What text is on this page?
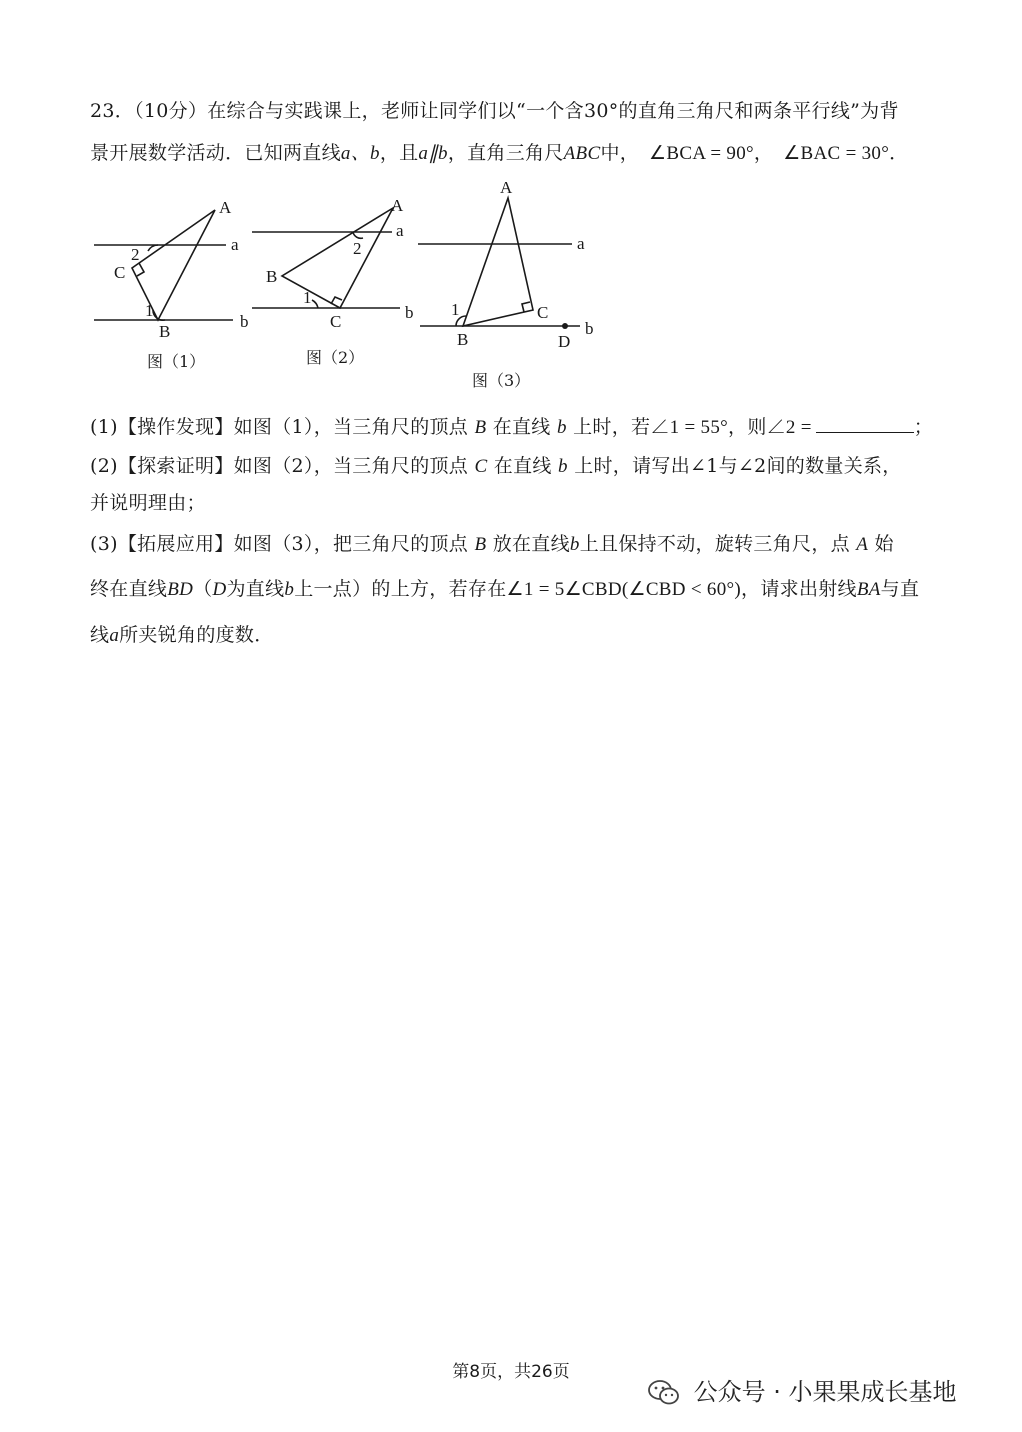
23．（10分）在综合与实践课上，老师让同学们以“一个含30°的直角三角尺和两条平行线”为背
景开展数学活动．已知两直线a、b，且a∥b，直角三角尺ABC中， ∠BCA = 90°， ∠BAC = 30°．
A
C
B
a
b
2
1
图（1）
A
B
C
a
b
2
1
图（2）
A
B
C
D
a
b
1
图（3）
(1)【操作发现】如图（1），当三角尺的顶点 B 在直线 b 上时，若∠1 = 55°，则∠2 =	；
(2)【探索证明】如图（2），当三角尺的顶点 C 在直线 b 上时，请写出∠1与∠2间的数量关系，
并说明理由；
(3)【拓展应用】如图（3），把三角尺的顶点 B 放在直线b上且保持不动，旋转三角尺，点 A 始
终在直线BD（D为直线b上一点）的上方，若存在∠1 = 5∠CBD(∠CBD < 60°)，请求出射线BA与直
线a所夹锐角的度数．
第8页，共26页
公众号 · 小果果成长基地
